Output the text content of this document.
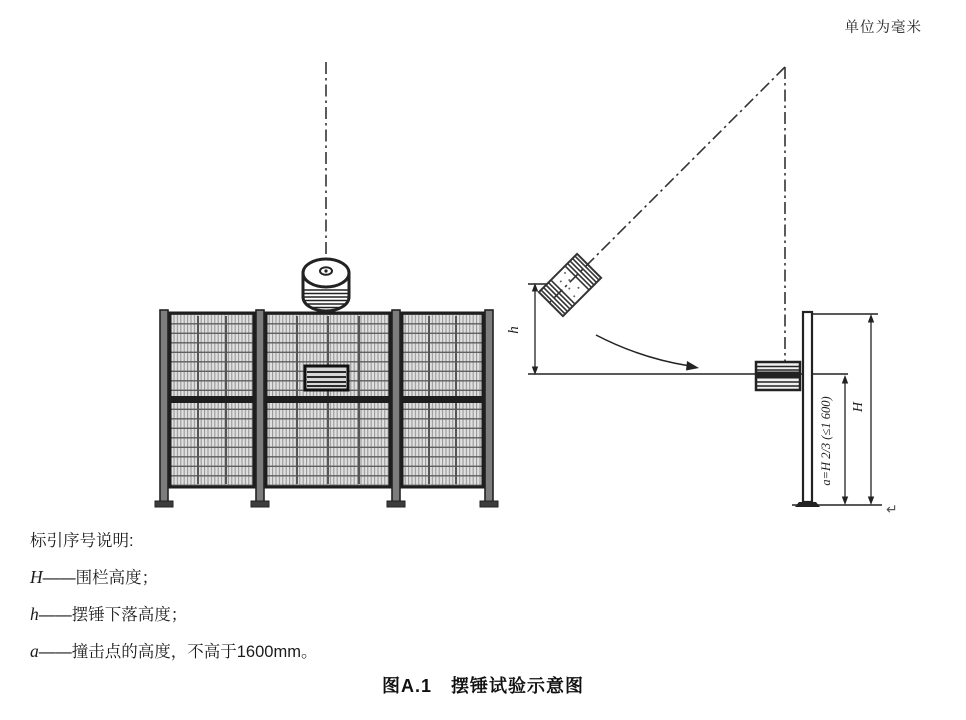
单位为毫米
h
a=H 2/3 (≤1 600) H
↵

标引序号说明:

H——围栏高度；

h——摆锤下落高度；

a——撞击点的高度，不高于1600mm。

图A.1　摆锤试验示意图
